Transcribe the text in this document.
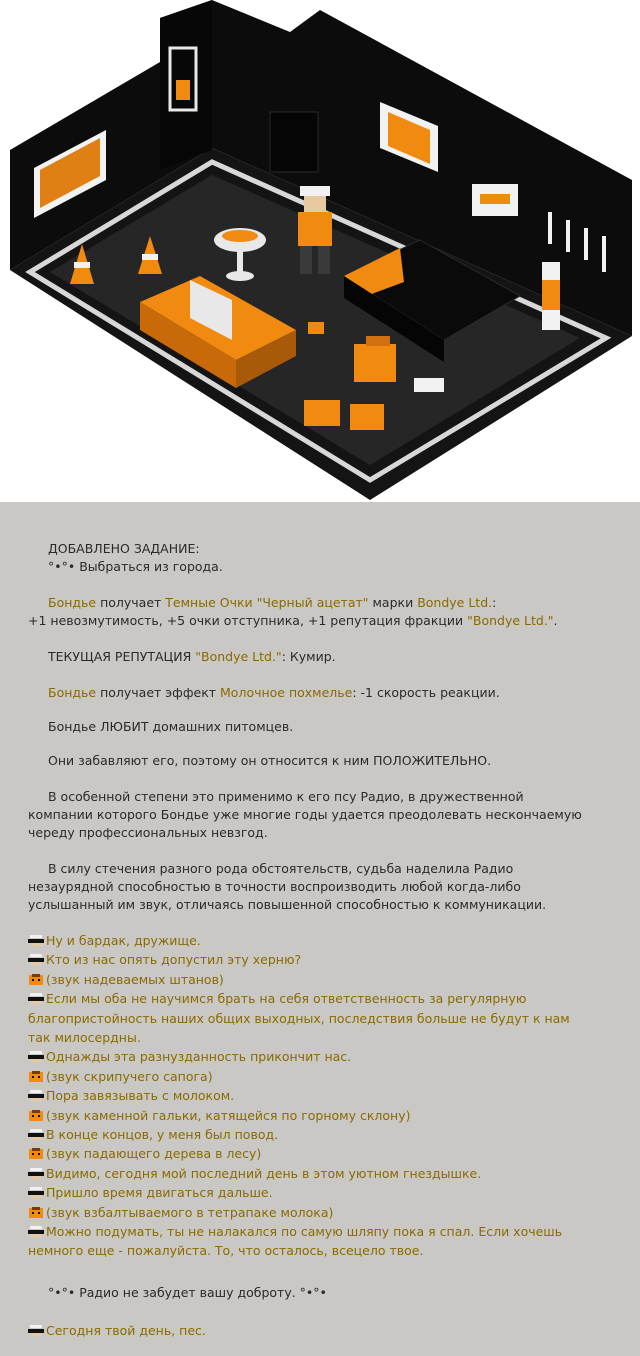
ДОБАВЛЕНО ЗАДАНИЕ:
°•°• Выбраться из города.
Бондье получает Темные Очки "Черный ацетат" марки Bondye Ltd.:
+1 невозмутимость, +5 очки отступника, +1 репутация фракции "Bondye Ltd.".
ТЕКУЩАЯ РЕПУТАЦИЯ "Bondye Ltd.": Кумир.
Бондье получает эффект Молочное похмелье: -1 скорость реакции.
Бондье ЛЮБИТ домашних питомцев.
Они забавляют его, поэтому он относится к ним ПОЛОЖИТЕЛЬНО.
В особенной степени это применимо к его псу Радио, в дружественной
компании которого Бондье уже многие годы удается преодолевать нескончаемую
череду профессиональных невзгод.
В силу стечения разного рода обстоятельств, судьба наделила Радио
незаурядной способностью в точности воспроизводить любой когда-либо
услышанный им звук, отличаясь повышенной способностью к коммуникации.
Ну и бардак, дружище.
Кто из нас опять допустил эту херню?
(звук надеваемых штанов)
Если мы оба не научимся брать на себя ответственность за регулярную
благопристойность наших общих выходных, последствия больше не будут к нам
так милосердны.
Однажды эта разнузданность прикончит нас.
(звук скрипучего сапога)
Пора завязывать с молоком.
(звук каменной гальки, катящейся по горному склону)
В конце концов, у меня был повод.
(звук падающего дерева в лесу)
Видимо, сегодня мой последний день в этом уютном гнездышке.
Пришло время двигаться дальше.
(звук взбалтываемого в тетрапаке молока)
Можно подумать, ты не налакался по самую шляпу пока я спал. Если хочешь
немного еще - пожалуйста. То, что осталось, всецело твое.
°•°• Радио не забудет вашу доброту. °•°•
Сегодня твой день, пес.
